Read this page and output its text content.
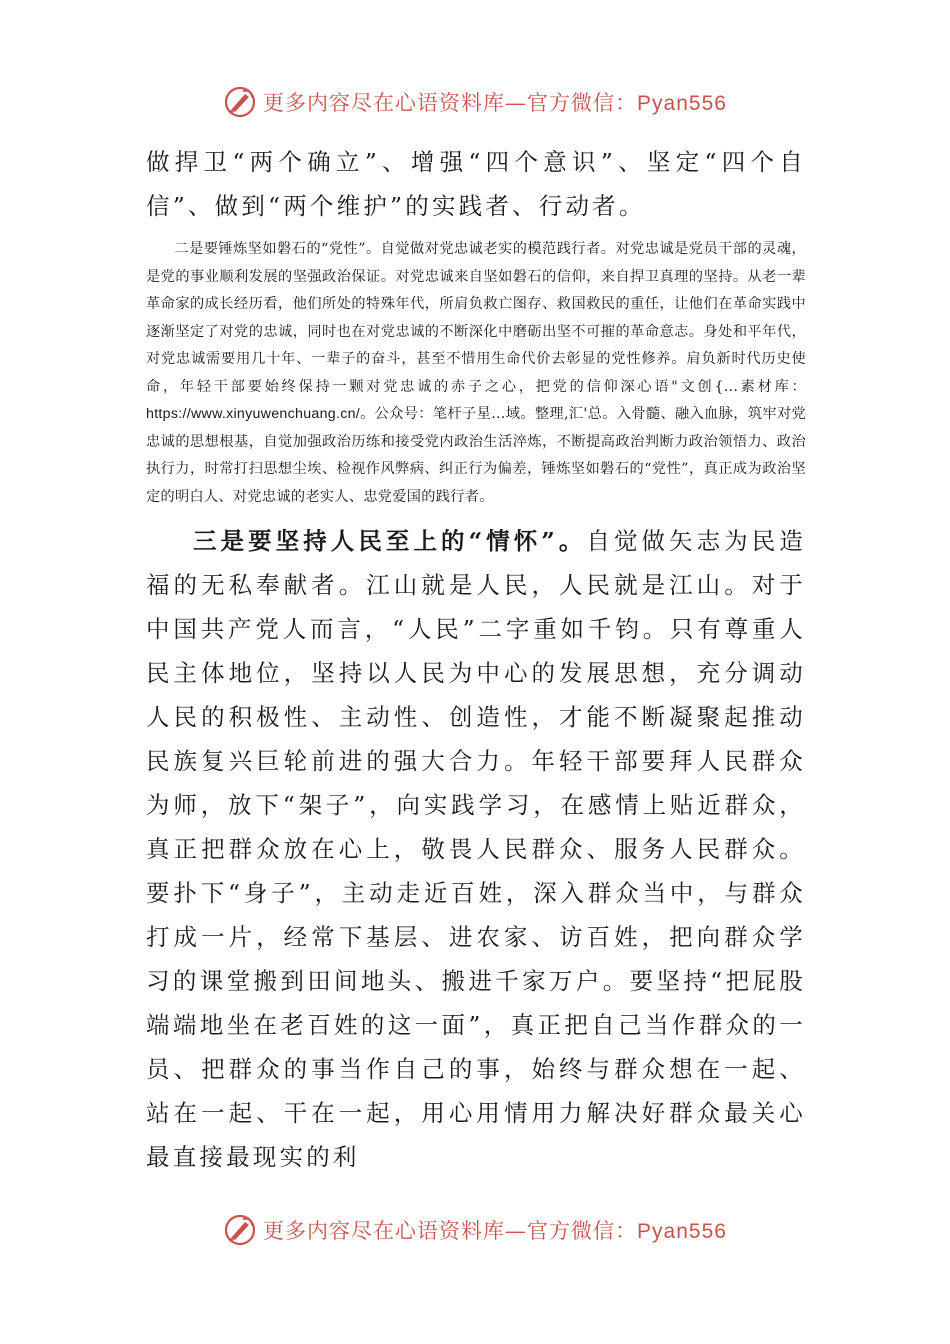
更多内容尽在心语资料库—官方微信：Pyan556

做捍卫“两个确立”、增强“四个意识”、坚定“四个自信”、做到“两个维护”的实践者、行动者。

二是要锤炼坚如磐石的“党性”。自觉做对党忠诚老实的模范践行者。对党忠诚是党员干部的灵魂，是党的事业顺利发展的坚强政治保证。对党忠诚来自坚如磐石的信仰，来自捍卫真理的坚持。从老一辈革命家的成长经历看，他们所处的特殊年代，所肩负救亡图存、救国救民的重任，让他们在革命实践中逐渐坚定了对党的忠诚，同时也在对党忠诚的不断深化中磨砺出坚不可摧的革命意志。身处和平年代，对党忠诚需要用几十年、一辈子的奋斗，甚至不惜用生命代价去彰显的党性修养。肩负新时代历史使命，年轻干部要始终保持一颗对党忠诚的赤子之心，把党的信仰深心语"文创{...素材库：https://www.xinyuwenchuang.cn/。公众号：笔杆子星…域。整理,汇'总。入骨髓、融入血脉，筑牢对党忠诚的思想根基，自觉加强政治历练和接受党内政治生活淬炼，不断提高政治判断力政治领悟力、政治执行力，时常打扫思想尘埃、检视作风弊病、纠正行为偏差，锤炼坚如磐石的“党性”，真正成为政治坚定的明白人、对党忠诚的老实人、忠党爱国的践行者。

三是要坚持人民至上的“情怀”。自觉做矢志为民造福的无私奉献者。江山就是人民，人民就是江山。对于中国共产党人而言，“人民”二字重如千钧。只有尊重人民主体地位，坚持以人民为中心的发展思想，充分调动人民的积极性、主动性、创造性，才能不断凝聚起推动民族复兴巨轮前进的强大合力。年轻干部要拜人民群众为师，放下“架子”，向实践学习，在感情上贴近群众，真正把群众放在心上，敬畏人民群众、服务人民群众。要扑下“身子”，主动走近百姓，深入群众当中，与群众打成一片，经常下基层、进农家、访百姓，把向群众学习的课堂搬到田间地头、搬进千家万户。要坚持“把屁股端端地坐在老百姓的这一面”，真正把自己当作群众的一员、把群众的事当作自己的事，始终与群众想在一起、站在一起、干在一起，用心用情用力解决好群众最关心最直接最现实的利

更多内容尽在心语资料库—官方微信：Pyan556
